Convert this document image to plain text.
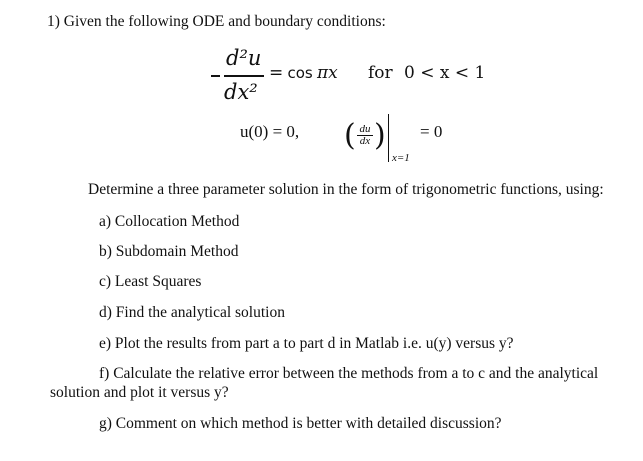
1) Given the following ODE and boundary conditions:
d²u
dx²
= cos πx for 0 < x < 1
u(0) = 0, ( du
dx )
x=1
= 0
Determine a three parameter solution in the form of trigonometric functions, using:
a) Collocation Method
b) Subdomain Method
c) Least Squares
d) Find the analytical solution
e) Plot the results from part a to part d in Matlab i.e. u(y) versus y?
f) Calculate the relative error between the methods from a to c and the analytical
solution and plot it versus y?
g) Comment on which method is better with detailed discussion?
